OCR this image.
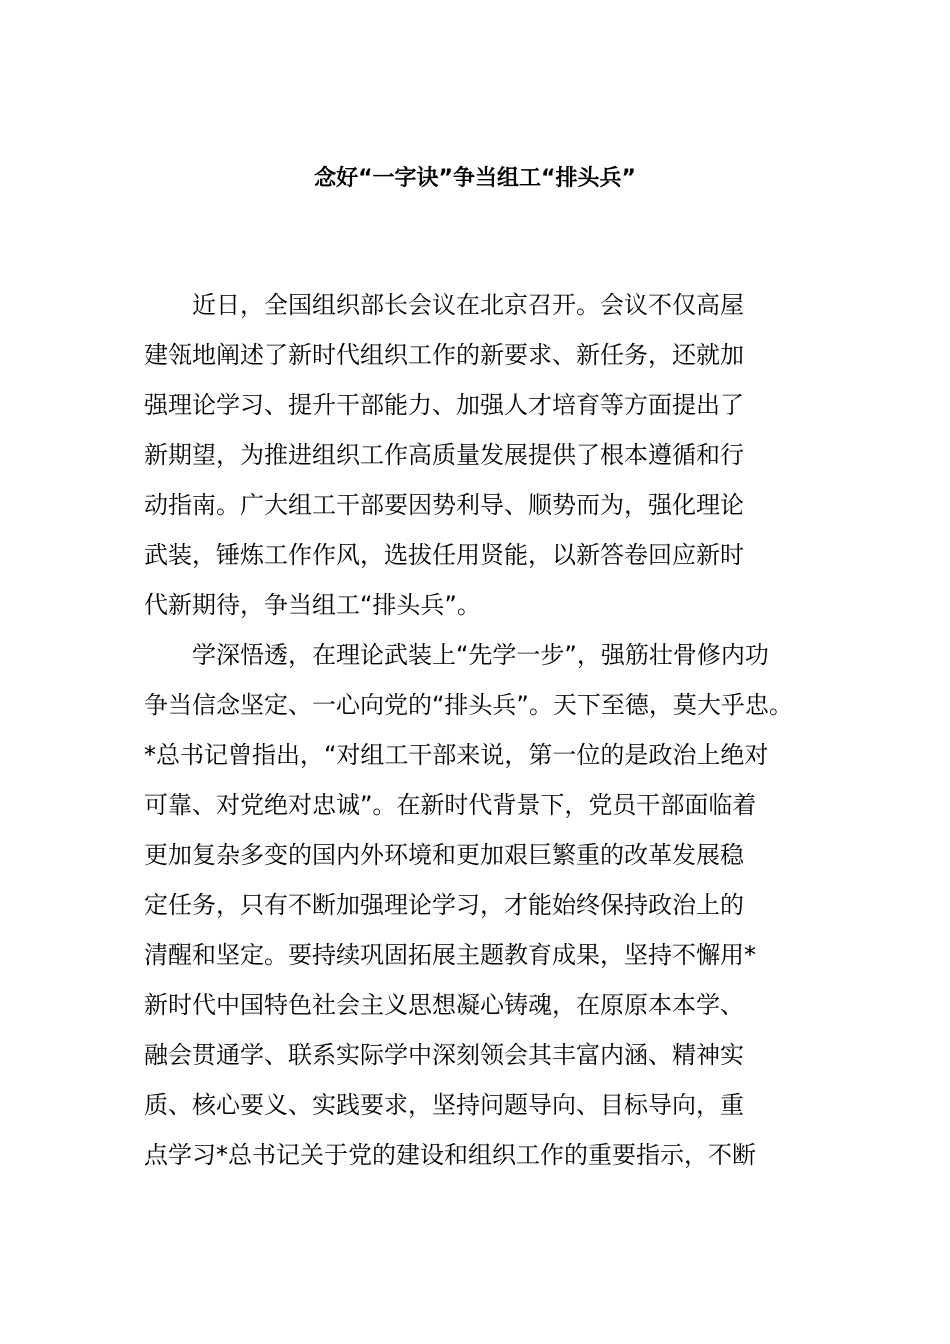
念好“一字诀”争当组工“排头兵”
近日，全国组织部长会议在北京召开。会议不仅高屋
建瓴地阐述了新时代组织工作的新要求、新任务，还就加
强理论学习、提升干部能力、加强人才培育等方面提出了
新期望，为推进组织工作高质量发展提供了根本遵循和行
动指南。广大组工干部要因势利导、顺势而为，强化理论
武装，锤炼工作作风，选拔任用贤能，以新答卷回应新时
代新期待，争当组工“排头兵”。
学深悟透，在理论武装上“先学一步”，强筋壮骨修内功
争当信念坚定、一心向党的“排头兵”。天下至德，莫大乎忠。
*总书记曾指出，“对组工干部来说，第一位的是政治上绝对
可靠、对党绝对忠诚”。在新时代背景下，党员干部面临着
更加复杂多变的国内外环境和更加艰巨繁重的改革发展稳
定任务，只有不断加强理论学习，才能始终保持政治上的
清醒和坚定。要持续巩固拓展主题教育成果，坚持不懈用*
新时代中国特色社会主义思想凝心铸魂，在原原本本学、
融会贯通学、联系实际学中深刻领会其丰富内涵、精神实
质、核心要义、实践要求，坚持问题导向、目标导向，重
点学习*总书记关于党的建设和组织工作的重要指示，不断
